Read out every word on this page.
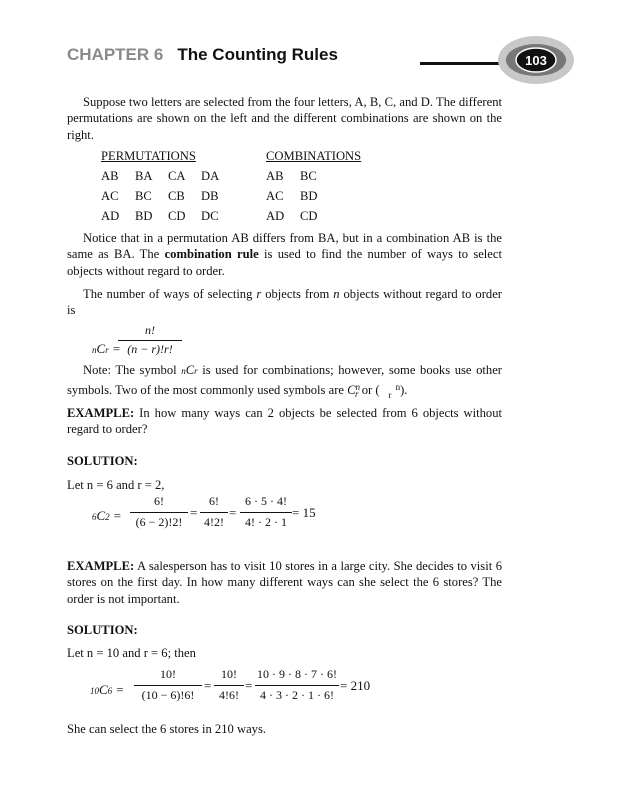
CHAPTER 6 The Counting Rules	103
Suppose two letters are selected from the four letters, A, B, C, and D. The different permutations are shown on the left and the different combinations are shown on the right.
PERMUTATIONS	COMBINATIONS
AB BA CA DA
AC BC CB DB
AD BD CD DC
AB BC
AC BD
AD CD
Notice that in a permutation AB differs from BA, but in a combination AB is the same as BA. The combination rule is used to find the number of ways to select objects without regard to order.
The number of ways of selecting r objects from n objects without regard to order is
nCr =
n!
(n − r)!r!
Note: The symbol nCr is used for combinations; however, some books use other symbols. Two of the most commonly used symbols are $C^n_r$ or ( n
r ).
EXAMPLE: In how many ways can 2 objects be selected from 6 objects without regard to order?
SOLUTION:
Let n = 6 and r = 2,
6C2 =
6!
(6 − 2)!2!
=
6!
4!2!
=
6 · 5 · 4!
4! · 2 · 1
= 15
EXAMPLE: A salesperson has to visit 10 stores in a large city. She decides to visit 6 stores on the first day. In how many different ways can she select the 6 stores? The order is not important.
SOLUTION:
Let n = 10 and r = 6; then
10C6 =
10!
(10 − 6)!6!
=
10!
4!6!
=
10 · 9 · 8 · 7 · 6!
4 · 3 · 2 · 1 · 6!
= 210
She can select the 6 stores in 210 ways.
